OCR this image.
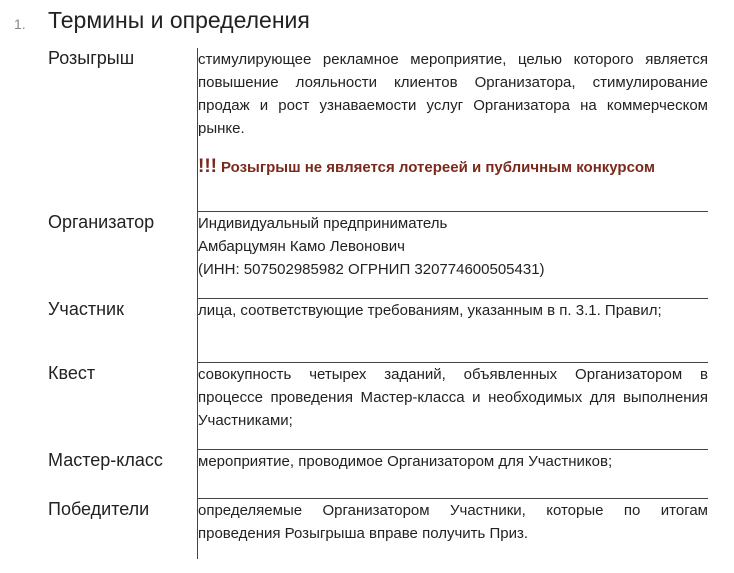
1. Термины и определения
Розыгрыш	стимулирующее рекламное мероприятие, целью которого является повышение лояльности клиентов Организатора, стимулирование продаж и рост узнаваемости услуг Организатора на коммерческом рынке.
!!! Розыгрыш не является лотереей и публичным конкурсом

Организатор	Индивидуальный предприниматель
Амбарцумян Камо Левонович
(ИНН: 507502985982 ОГРНИП 320774600505431)

Участник	лица, соответствующие требованиям, указанным в п. 3.1. Правил;
Квест	совокупность четырех заданий, объявленных Организатором в процессе проведения Мастер-класса и необходимых для выполнения Участниками;
Мастер-класс	мероприятие, проводимое Организатором для Участников;
Победители	определяемые Организатором Участники, которые по итогам проведения Розыгрыша вправе получить Приз.
